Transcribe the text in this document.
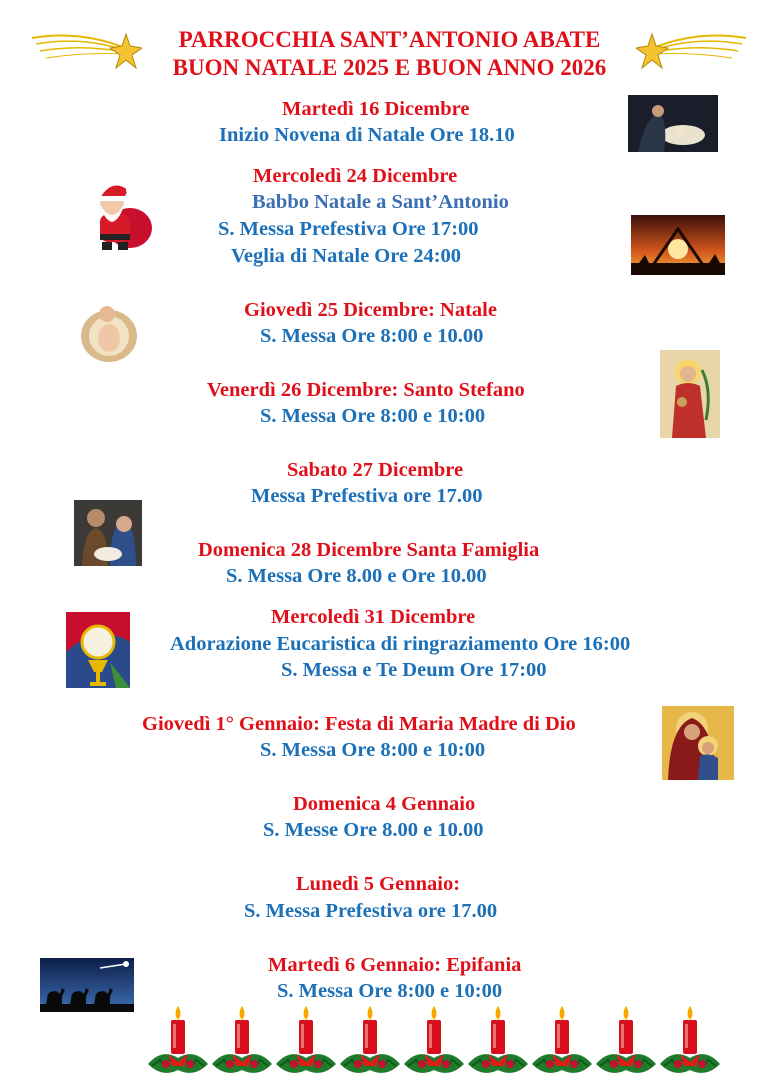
PARROCCHIA SANT’ANTONIO ABATE
BUON NATALE 2025 E BUON ANNO 2026
Martedì 16 Dicembre
Inizio Novena di Natale Ore 18.10
Mercoledì 24 Dicembre
Babbo Natale a Sant’Antonio
S. Messa Prefestiva Ore 17:00
Veglia di Natale Ore 24:00
Giovedì 25 Dicembre: Natale
S. Messa Ore 8:00 e 10.00
Venerdì 26 Dicembre: Santo Stefano
S. Messa Ore 8:00 e 10:00
Sabato 27 Dicembre
Messa Prefestiva ore 17.00
Domenica 28 Dicembre Santa Famiglia
S. Messa Ore 8.00 e Ore 10.00
Mercoledì 31 Dicembre
Adorazione Eucaristica di ringraziamento Ore 16:00
S. Messa e Te Deum Ore 17:00
Giovedì 1° Gennaio: Festa di Maria Madre di Dio
S. Messa Ore 8:00 e 10:00
Domenica 4 Gennaio
S. Messe Ore 8.00 e 10.00
Lunedì 5 Gennaio:
S. Messa Prefestiva ore 17.00
Martedì 6 Gennaio: Epifania
S. Messa Ore 8:00 e 10:00
